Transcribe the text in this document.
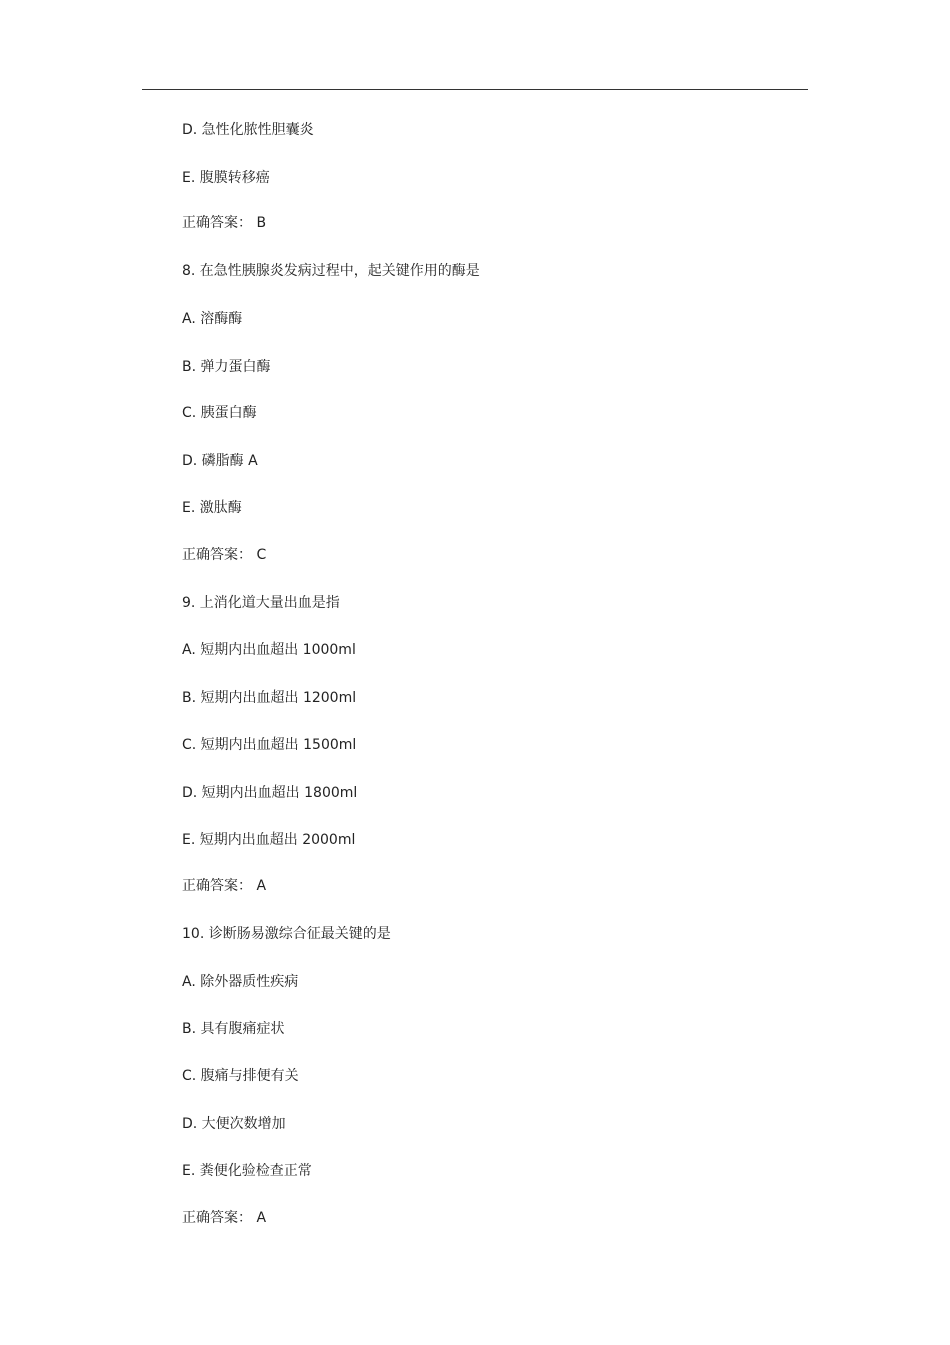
D. 急性化脓性胆囊炎
E. 腹膜转移癌
正确答案： B
8. 在急性胰腺炎发病过程中，起关键作用的酶是
A. 溶酶酶
B. 弹力蛋白酶
C. 胰蛋白酶
D. 磷脂酶 A
E. 激肽酶
正确答案： C
9. 上消化道大量出血是指
A. 短期内出血超出 1000ml
B. 短期内出血超出 1200ml
C. 短期内出血超出 1500ml
D. 短期内出血超出 1800ml
E. 短期内出血超出 2000ml
正确答案： A
10. 诊断肠易激综合征最关键的是
A. 除外器质性疾病
B. 具有腹痛症状
C. 腹痛与排便有关
D. 大便次数增加
E. 粪便化验检查正常
正确答案： A
